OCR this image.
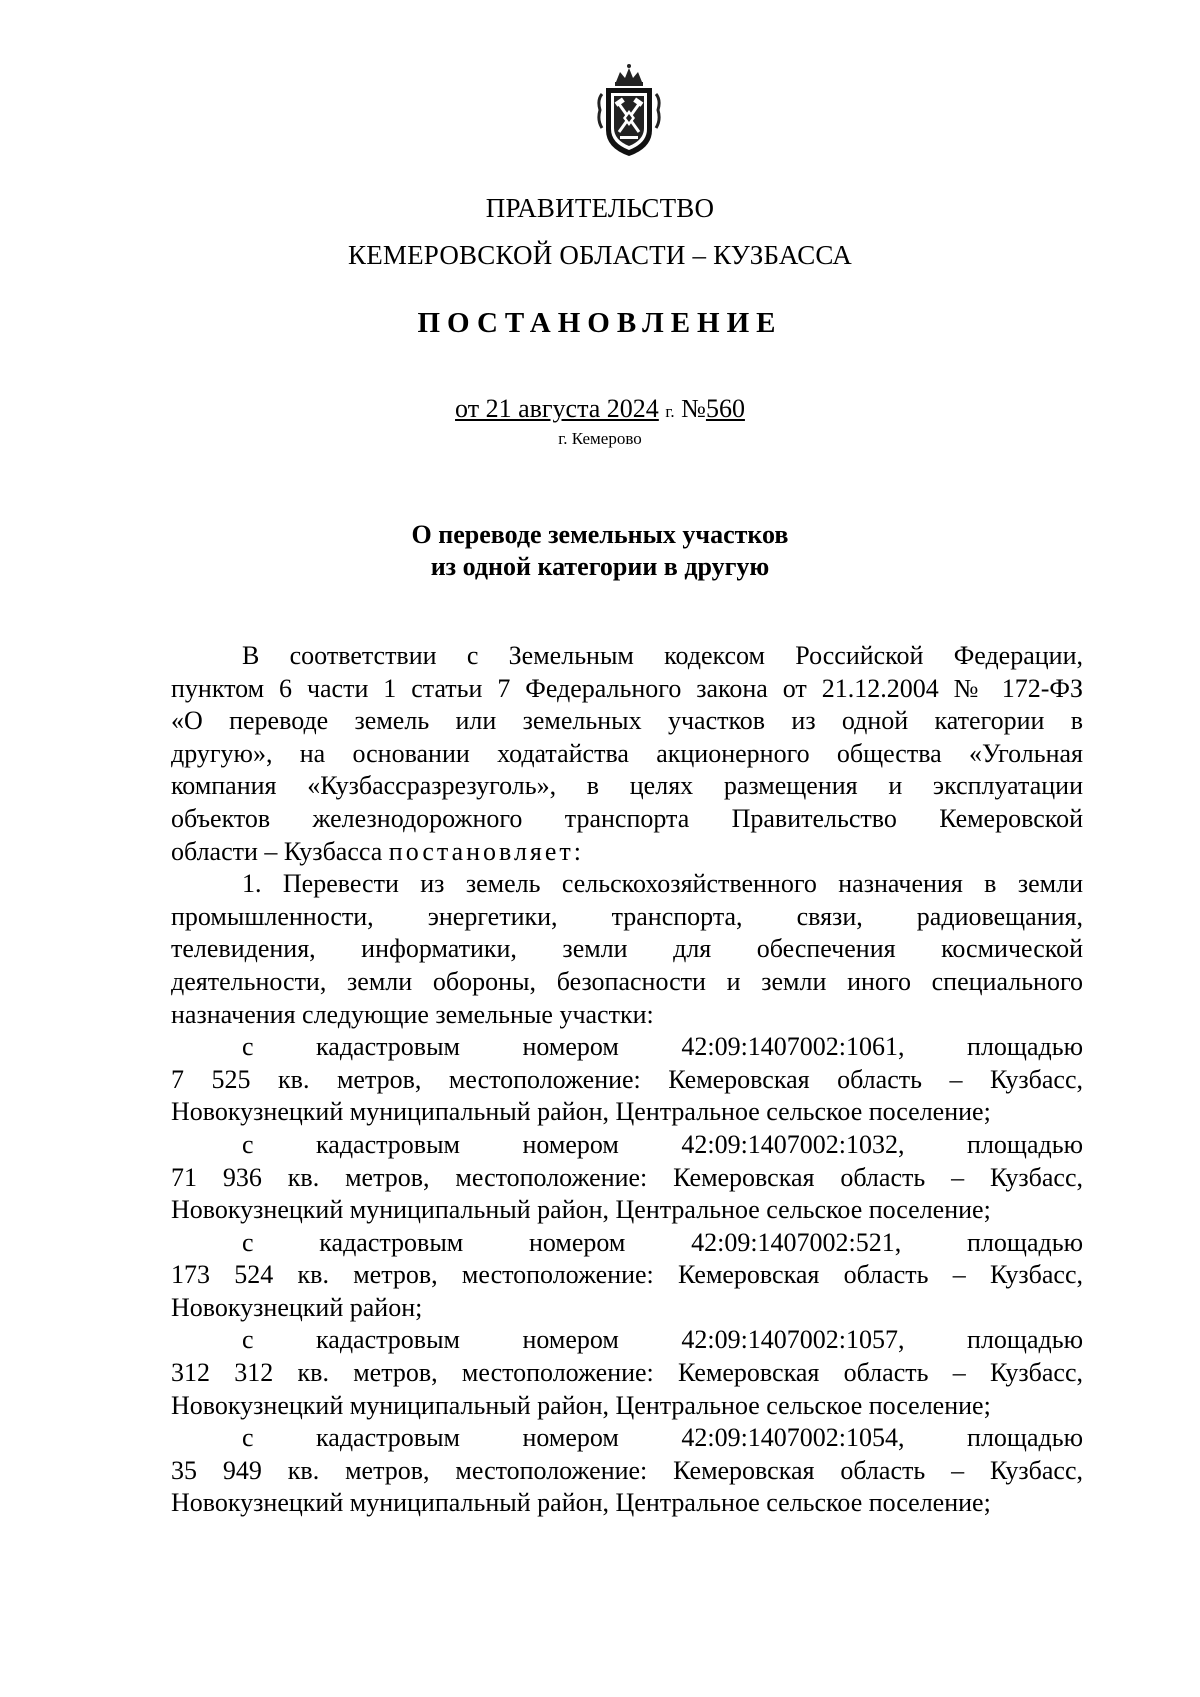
ПРАВИТЕЛЬСТВО
КЕМЕРОВСКОЙ ОБЛАСТИ – КУЗБАССА
ПОСТАНОВЛЕНИЕ
от 21 августа 2024 г. №560
г. Кемерово
О переводе земельных участков
из одной категории в другую
В соответствии с Земельным кодексом Российской Федерации,
пунктом 6 части 1 статьи 7 Федерального закона от 21.12.2004 № 172-ФЗ
«О переводе земель или земельных участков из одной категории в
другую», на основании ходатайства акционерного общества «Угольная
компания «Кузбассразрезуголь», в целях размещения и эксплуатации
объектов железнодорожного транспорта Правительство Кемеровской
области – Кузбасса постановляет:
1. Перевести из земель сельскохозяйственного назначения в земли
промышленности, энергетики, транспорта, связи, радиовещания,
телевидения, информатики, земли для обеспечения космической
деятельности, земли обороны, безопасности и земли иного специального
назначения следующие земельные участки:
с кадастровым номером 42:09:1407002:1061, площадью
7 525 кв. метров, местоположение: Кемеровская область – Кузбасс,
Новокузнецкий муниципальный район, Центральное сельское поселение;
с кадастровым номером 42:09:1407002:1032, площадью
71 936 кв. метров, местоположение: Кемеровская область – Кузбасс,
Новокузнецкий муниципальный район, Центральное сельское поселение;
с кадастровым номером 42:09:1407002:521, площадью
173 524 кв. метров, местоположение: Кемеровская область – Кузбасс,
Новокузнецкий район;
с кадастровым номером 42:09:1407002:1057, площадью
312 312 кв. метров, местоположение: Кемеровская область – Кузбасс,
Новокузнецкий муниципальный район, Центральное сельское поселение;
с кадастровым номером 42:09:1407002:1054, площадью
35 949 кв. метров, местоположение: Кемеровская область – Кузбасс,
Новокузнецкий муниципальный район, Центральное сельское поселение;
